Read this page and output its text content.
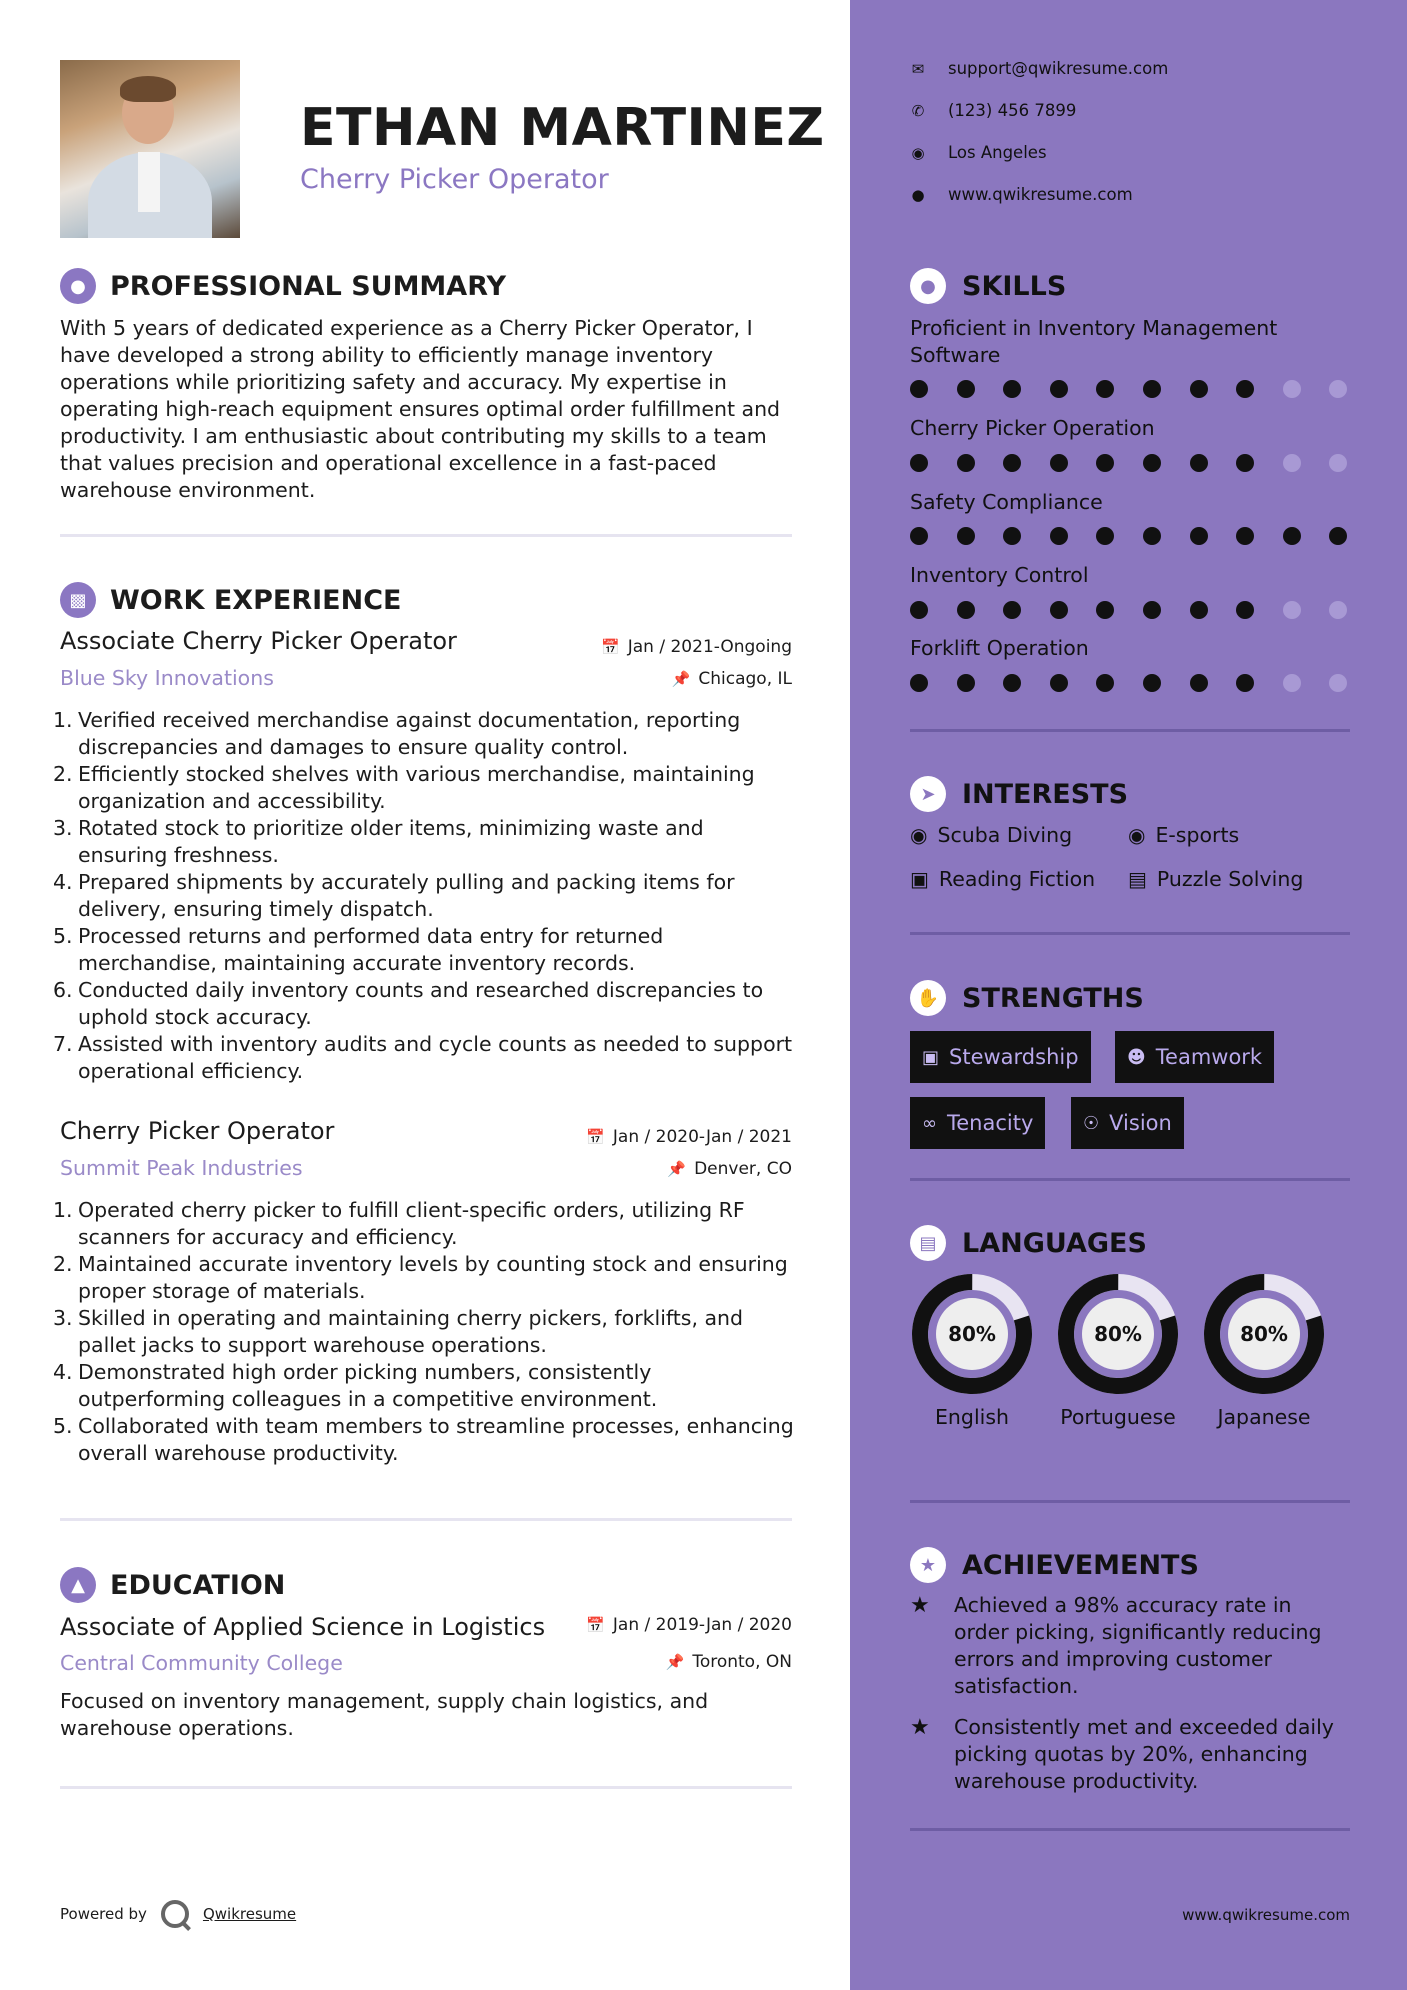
ETHAN MARTINEZ
Cherry Picker Operator
● PROFESSIONAL SUMMARY
With 5 years of dedicated experience as a Cherry Picker Operator, I have developed a strong ability to efficiently manage inventory operations while prioritizing safety and accuracy. My expertise in operating high-reach equipment ensures optimal order fulfillment and productivity. I am enthusiastic about contributing my skills to a team that values precision and operational excellence in a fast-paced warehouse environment.
▩ WORK EXPERIENCE
Associate Cherry Picker Operator	📅 Jan / 2021-Ongoing
Blue Sky Innovations	📌 Chicago, IL
Verified received merchandise against documentation, reporting discrepancies and damages to ensure quality control.
Efficiently stocked shelves with various merchandise, maintaining organization and accessibility.
Rotated stock to prioritize older items, minimizing waste and ensuring freshness.
Prepared shipments by accurately pulling and packing items for delivery, ensuring timely dispatch.
Processed returns and performed data entry for returned merchandise, maintaining accurate inventory records.
Conducted daily inventory counts and researched discrepancies to uphold stock accuracy.
Assisted with inventory audits and cycle counts as needed to support operational efficiency.
Cherry Picker Operator	📅 Jan / 2020-Jan / 2021
Summit Peak Industries	📌 Denver, CO
Operated cherry picker to fulfill client-specific orders, utilizing RF scanners for accuracy and efficiency.
Maintained accurate inventory levels by counting stock and ensuring proper storage of materials.
Skilled in operating and maintaining cherry pickers, forklifts, and pallet jacks to support warehouse operations.
Demonstrated high order picking numbers, consistently outperforming colleagues in a competitive environment.
Collaborated with team members to streamline processes, enhancing overall warehouse productivity.
▲ EDUCATION
Associate of Applied Science in Logistics	📅 Jan / 2019-Jan / 2020
Central Community College	📌 Toronto, ON
Focused on inventory management, supply chain logistics, and warehouse operations.
Powered by	Qwikresume
✉ support@qwikresume.com
✆ (123) 456 7899
◉ Los Angeles
● www.qwikresume.com
● SKILLS
Proficient in Inventory Management Software
Cherry Picker Operation
Safety Compliance
Inventory Control
Forklift Operation
➤ INTERESTS
◉ Scuba Diving	◉ E-sports
▣ Reading Fiction ▤ Puzzle Solving
✋ STRENGTHS
▣ Stewardship	☻ Teamwork
∞ Tenacity	☉ Vision
▤ LANGUAGES
80%
English
80%
Portuguese
80%
Japanese
★ ACHIEVEMENTS
★	Achieved a 98% accuracy rate in order picking, significantly reducing errors and improving customer satisfaction.
★	Consistently met and exceeded daily picking quotas by 20%, enhancing warehouse productivity.
www.qwikresume.com
